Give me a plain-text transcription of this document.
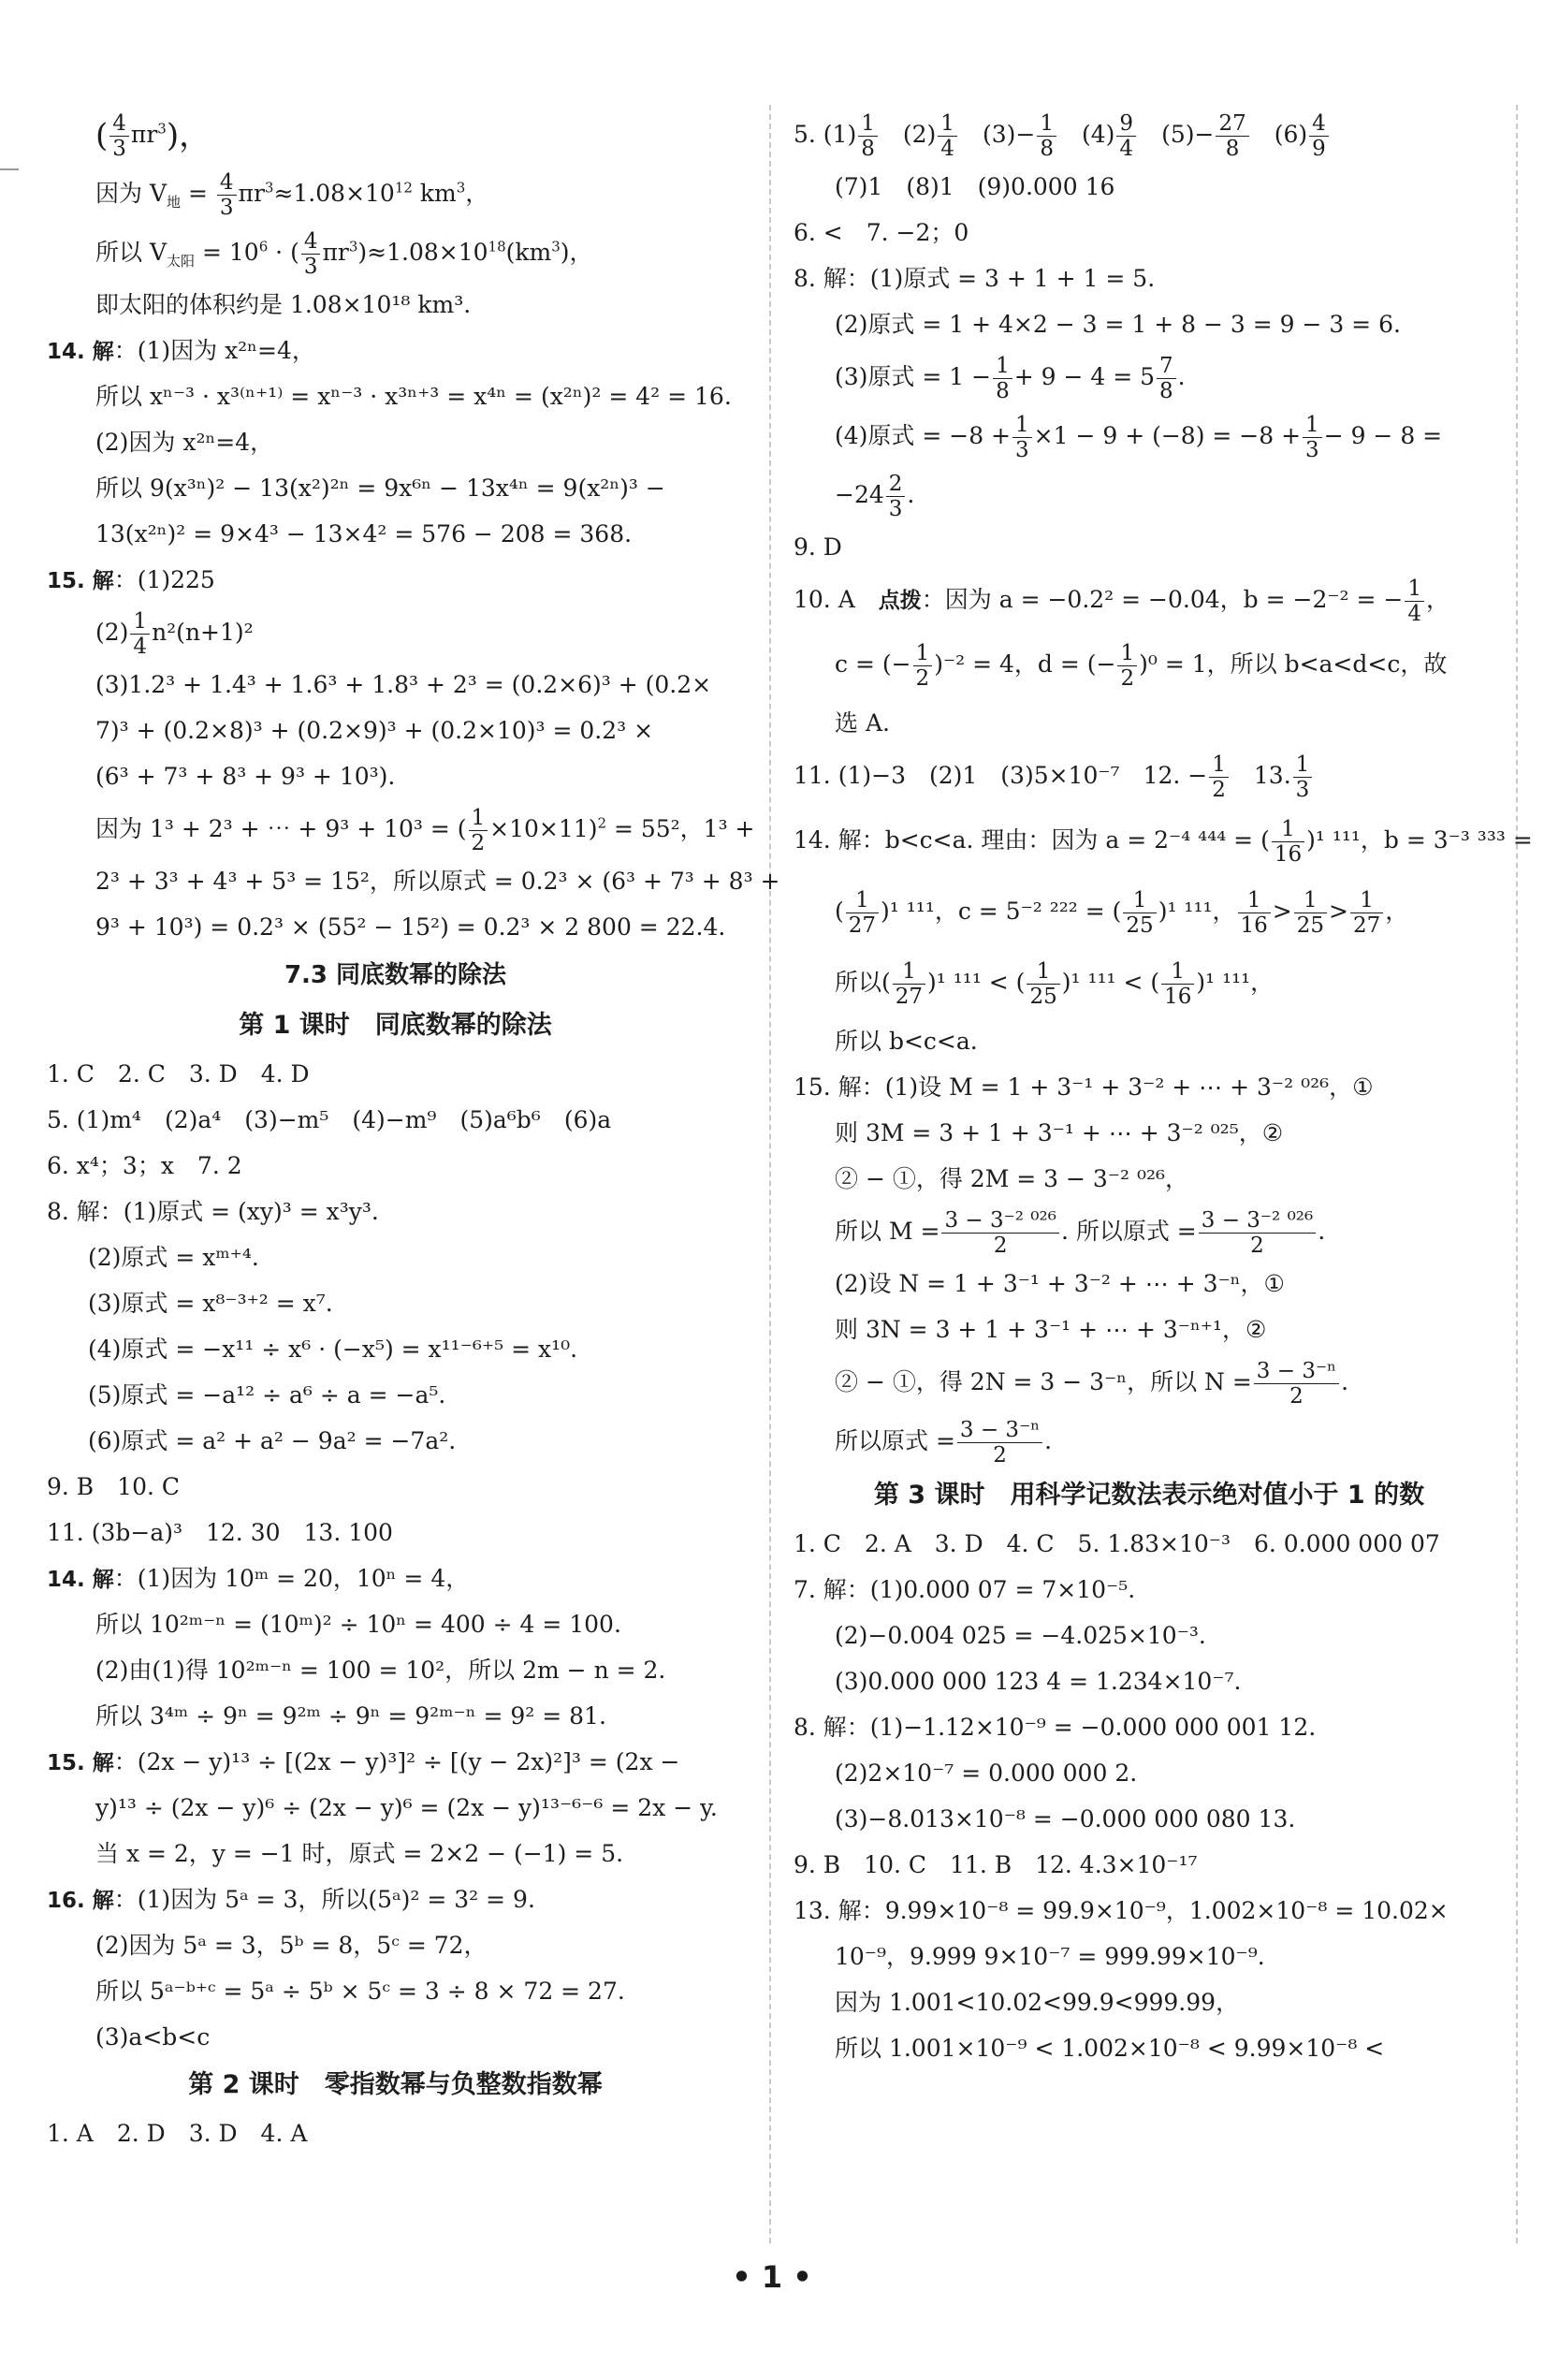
( $\frac{4}{3} \pi r^3$)，
因为 $V_地 = \frac{4}{3} \pi r^3\approx 1.08\times 10^{12}$ $km^3$，
所以 $V_{太阳} = 10^6$ · ( $\frac{4}{3} \pi r^3)\approx 1.08\times 10^{18}(km^3)$，
即太阳的体积约是 1.08×10¹⁸ km³.
14. 解：(1)因为 x²ⁿ=4，
所以 xⁿ⁻³ · x³⁽ⁿ⁺¹⁾ = xⁿ⁻³ · x³ⁿ⁺³ = x⁴ⁿ = (x²ⁿ)² = 4² = 16.
(2)因为 x²ⁿ=4，
所以 9(x³ⁿ)² − 13(x²)²ⁿ = 9x⁶ⁿ − 13x⁴ⁿ = 9(x²ⁿ)³ −
13(x²ⁿ)² = 9×4³ − 13×4² = 576 − 208 = 368.
15. 解：(1)225
$(2) \frac{1}{4} n^2(n+1)^2$
(3)1.2³ + 1.4³ + 1.6³ + 1.8³ + 2³ = (0.2×6)³ + (0.2×
7)³ + (0.2×8)³ + (0.2×9)³ + (0.2×10)³ = 0.2³ ×
(6³ + 7³ + 8³ + 9³ + 10³).
因为 1³ + 2³ + ⋯ + 9³ + 10³ = ( $\frac{1}{2} \times 10\times 11)^2 = 55^2$，1³ +
2³ + 3³ + 4³ + 5³ = 15²，所以原式 = 0.2³ × (6³ + 7³ + 8³ +
9³ + 10³) = 0.2³ × (55² − 15²) = 0.2³ × 2 800 = 22.4.
7.3 同底数幂的除法
第 1 课时　同底数幂的除法
1. C　2. C　3. D　4. D
5. (1)m⁴　(2)a⁴　(3)−m⁵　(4)−m⁹　(5)a⁶b⁶　(6)a
6. x⁴；3；x　7. 2
8. 解：(1)原式 = (xy)³ = x³y³.
(2)原式 = xᵐ⁺⁴.
(3)原式 = x⁸⁻³⁺² = x⁷.
(4)原式 = −x¹¹ ÷ x⁶ · (−x⁵) = x¹¹⁻⁶⁺⁵ = x¹⁰.
(5)原式 = −a¹² ÷ a⁶ ÷ a = −a⁵.
(6)原式 = a² + a² − 9a² = −7a².
9. B　10. C
11. (3b−a)³　12. 30　13. 100
14. 解：(1)因为 10ᵐ = 20，10ⁿ = 4，
所以 10²ᵐ⁻ⁿ = (10ᵐ)² ÷ 10ⁿ = 400 ÷ 4 = 100.
(2)由(1)得 10²ᵐ⁻ⁿ = 100 = 10²，所以 2m − n = 2.
所以 3⁴ᵐ ÷ 9ⁿ = 9²ᵐ ÷ 9ⁿ = 9²ᵐ⁻ⁿ = 9² = 81.
15. 解：(2x − y)¹³ ÷ [(2x − y)³]² ÷ [(y − 2x)²]³ = (2x −
y)¹³ ÷ (2x − y)⁶ ÷ (2x − y)⁶ = (2x − y)¹³⁻⁶⁻⁶ = 2x − y.
当 x = 2，y = −1 时，原式 = 2×2 − (−1) = 5.
16. 解：(1)因为 5ᵃ = 3，所以(5ᵃ)² = 3² = 9.
(2)因为 5ᵃ = 3，5ᵇ = 8，5ᶜ = 72，
所以 5ᵃ⁻ᵇ⁺ᶜ = 5ᵃ ÷ 5ᵇ × 5ᶜ = 3 ÷ 8 × 72 = 27.
(3)a<b<c
第 2 课时　零指数幂与负整数指数幂
1. A　2. D　3. D　4. A
5. $(1) \frac{1}{8}$
　 $(2) \frac{1}{4}$
　 $(3)- \frac{1}{8}$
　 $(4) \frac{9}{4}$
　 $(5)- \frac{27}{8}$
　 $(6) \frac{4}{9}$
(7)1　(8)1　(9)0.000 16
6. <　7. −2；0
8. 解：(1)原式 = 3 + 1 + 1 = 5.
(2)原式 = 1 + 4×2 − 3 = 1 + 8 − 3 = 9 − 3 = 6.
(3)原式 = $1 - \frac{1}{8} + 9 - 4 = 5 \frac{7}{8}$ .
(4)原式 = $-8 + \frac{1}{3} \times 1 - 9 + (-8) = -8 + \frac{1}{3} - 9 - 8$ =
$-24 \frac{2}{3}$ .
9. D
10. A　 点拨：因为 a = −0.2² = −0.04，b = −2⁻² = − $\frac{1}{4}$ ，
c = (− $\frac{1}{2} )^{-2} = 4$，d = (− $\frac{1}{2} )^0 = 1$，所以 b<a<d<c，故
选 A.
11. (1)−3　(2)1　(3)5×10⁻⁷　12. − $\frac{1}{2}$
　 13. $\frac{1}{3}$
14. 解：b<c<a. 理由：因为 a = 2⁻⁴ ⁴⁴⁴ = ( $\frac{1}{16} )^1$ ¹¹¹，b = 3⁻³ ³³³ =
( $\frac{1}{27} )^1$ ¹¹¹，c = 5⁻² ²²² = ( $\frac{1}{25} )^1$ ¹¹¹， $\frac{1}{16} > \frac{1}{25} > \frac{1}{27}$ ，
所以( $\frac{1}{27} )^1$ ¹¹¹ < ( $\frac{1}{25} )^1$ ¹¹¹ < ( $\frac{1}{16} )^1$ ¹¹¹，
所以 b<c<a.
15. 解：(1)设 M = 1 + 3⁻¹ + 3⁻² + ⋯ + 3⁻² ⁰²⁶，①
则 3M = 3 + 1 + 3⁻¹ + ⋯ + 3⁻² ⁰²⁵，②
② − ①，得 2M = 3 − 3⁻² ⁰²⁶，
所以 $M = \frac{\text{3 − 3⁻² ⁰²⁶}}{2}$ . 所以原式 = $\frac{\text{3 − 3⁻² ⁰²⁶}}{2}$ .
(2)设 N = 1 + 3⁻¹ + 3⁻² + ⋯ + 3⁻ⁿ，①
则 3N = 3 + 1 + 3⁻¹ + ⋯ + 3⁻ⁿ⁺¹，②
② − ①，得 2N = 3 − 3⁻ⁿ，所以 $N = \frac{\text{3 − 3⁻ⁿ}}{2}$ .
所以原式 = $\frac{\text{3 − 3⁻ⁿ}}{2}$ .
第 3 课时　用科学记数法表示绝对值小于 1 的数
1. C　2. A　3. D　4. C　5. 1.83×10⁻³　6. 0.000 000 07
7. 解：(1)0.000 07 = 7×10⁻⁵.
(2)−0.004 025 = −4.025×10⁻³.
(3)0.000 000 123 4 = 1.234×10⁻⁷.
8. 解：(1)−1.12×10⁻⁹ = −0.000 000 001 12.
(2)2×10⁻⁷ = 0.000 000 2.
(3)−8.013×10⁻⁸ = −0.000 000 080 13.
9. B　10. C　11. B　12. 4.3×10⁻¹⁷
13. 解：9.99×10⁻⁸ = 99.9×10⁻⁹，1.002×10⁻⁸ = 10.02×
10⁻⁹，9.999 9×10⁻⁷ = 999.99×10⁻⁹.
因为 1.001<10.02<99.9<999.99，
所以 1.001×10⁻⁹ < 1.002×10⁻⁸ < 9.99×10⁻⁸ <
• 1 •
